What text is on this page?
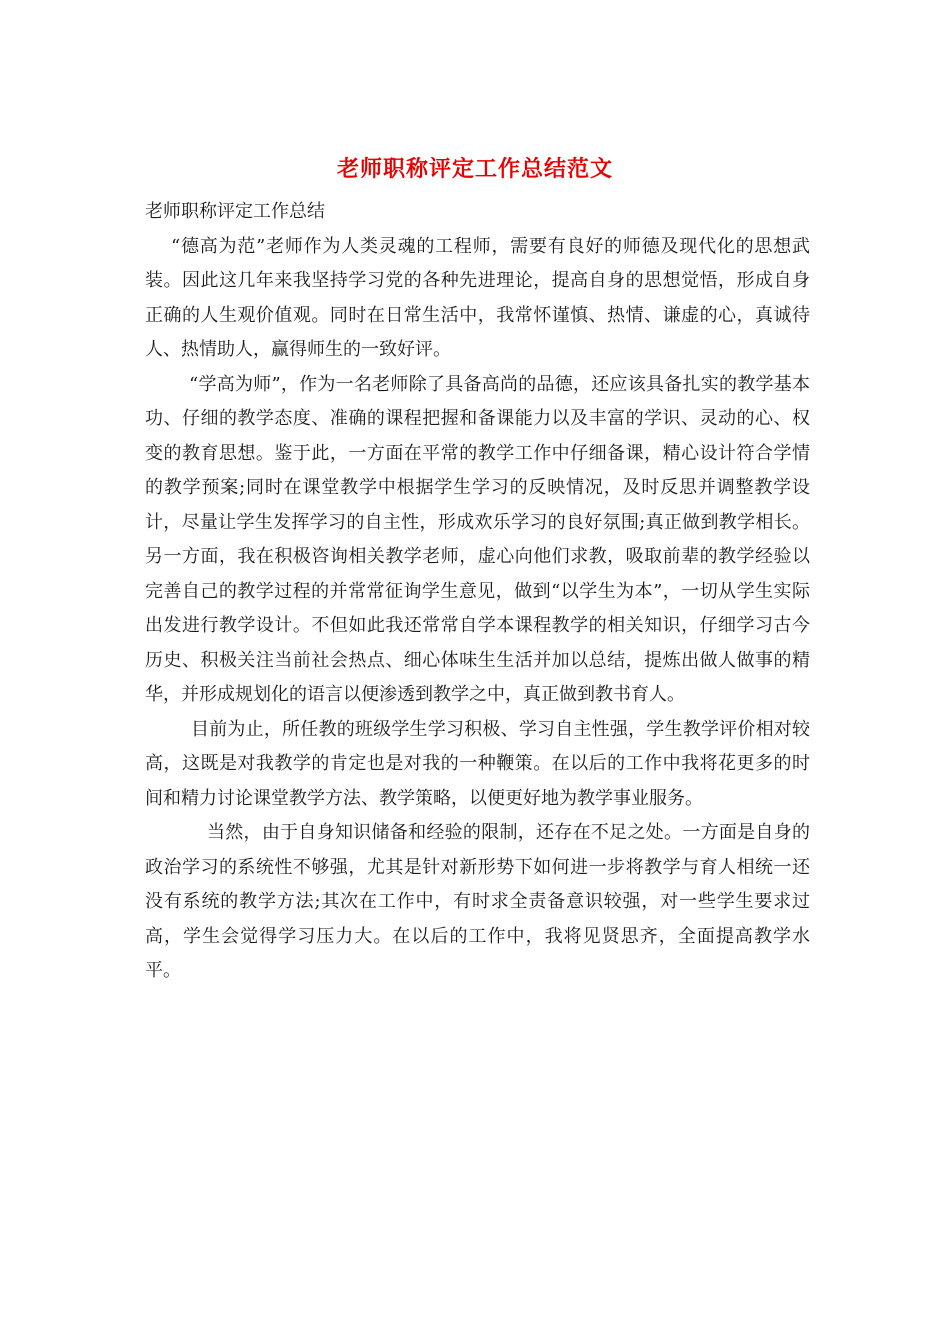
老师职称评定工作总结范文

老师职称评定工作总结

“德高为范”老师作为人类灵魂的工程师，需要有良好的师德及现代化的思想武装。因此这几年来我坚持学习党的各种先进理论，提高自身的思想觉悟，形成自身正确的人生观价值观。同时在日常生活中，我常怀谨慎、热情、谦虚的心，真诚待人、热情助人，赢得师生的一致好评。

“学高为师”，作为一名老师除了具备高尚的品德，还应该具备扎实的教学基本功、仔细的教学态度、准确的课程把握和备课能力以及丰富的学识、灵动的心、权变的教育思想。鉴于此，一方面在平常的教学工作中仔细备课，精心设计符合学情的教学预案;同时在课堂教学中根据学生学习的反映情况，及时反思并调整教学设计，尽量让学生发挥学习的自主性，形成欢乐学习的良好氛围;真正做到教学相长。另一方面，我在积极咨询相关教学老师，虚心向他们求教，吸取前辈的教学经验以完善自己的教学过程的并常常征询学生意见，做到“以学生为本”，一切从学生实际出发进行教学设计。不但如此我还常常自学本课程教学的相关知识，仔细学习古今历史、积极关注当前社会热点、细心体味生生活并加以总结，提炼出做人做事的精华，并形成规划化的语言以便渗透到教学之中，真正做到教书育人。

目前为止，所任教的班级学生学习积极、学习自主性强，学生教学评价相对较高，这既是对我教学的肯定也是对我的一种鞭策。在以后的工作中我将花更多的时间和精力讨论课堂教学方法、教学策略，以便更好地为教学事业服务。

当然，由于自身知识储备和经验的限制，还存在不足之处。一方面是自身的政治学习的系统性不够强，尤其是针对新形势下如何进一步将教学与育人相统一还没有系统的教学方法;其次在工作中，有时求全责备意识较强，对一些学生要求过高，学生会觉得学习压力大。在以后的工作中，我将见贤思齐，全面提高教学水平。
